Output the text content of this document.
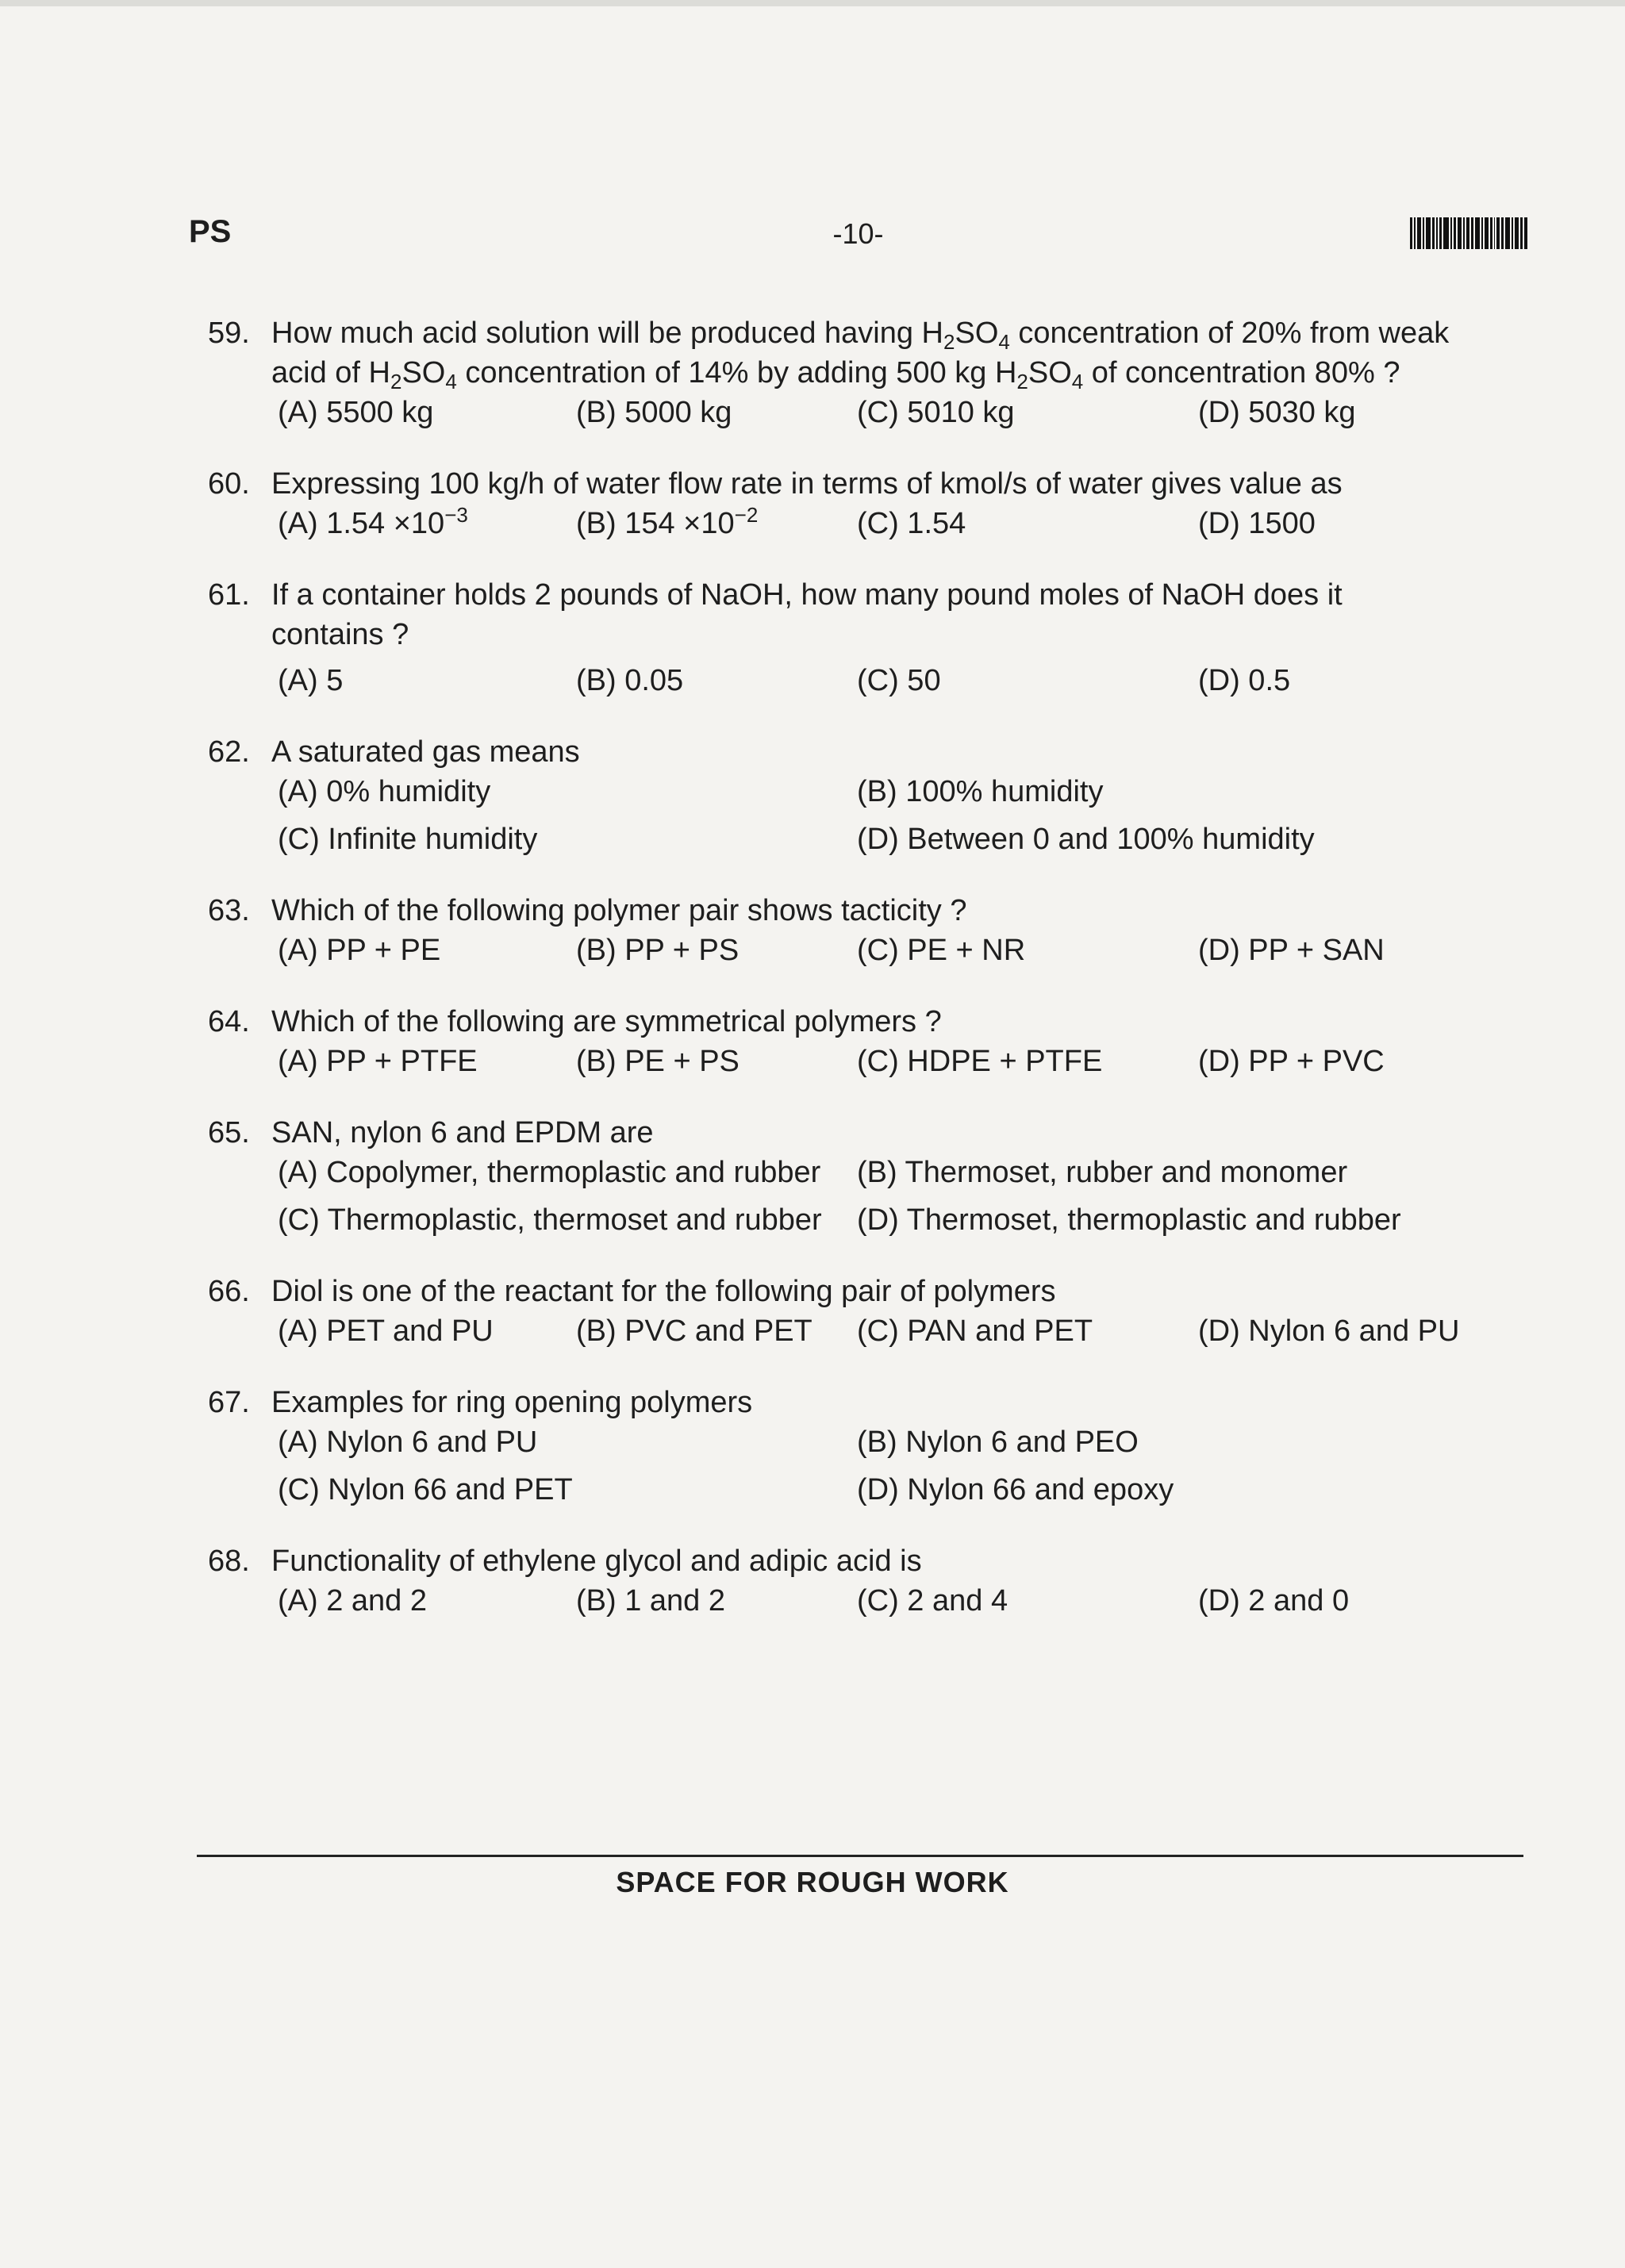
PS	-10-
59. How much acid solution will be produced having $H_2SO_4$ concentration of 20% from weak acid of $H_2SO_4$ concentration of 14% by adding 500 kg $H_2SO_4$ of concentration 80% ?
(A) 5500 kg	(B) 5000 kg	(C) 5010 kg	(D) 5030 kg
60. Expressing 100 kg/h of water flow rate in terms of kmol/s of water gives value as
(A) $1.54 \times 10^{-3}$	(B) $154 \times 10^{-2}$	(C) 1.54	(D) 1500
61. If a container holds 2 pounds of NaOH, how many pound moles of NaOH does it contains ?
(A) 5	(B) 0.05	(C) 50	(D) 0.5
62. A saturated gas means
(A) 0% humidity	(B) 100% humidity
(C) Infinite humidity	(D) Between 0 and 100% humidity
63. Which of the following polymer pair shows tacticity ?
(A) PP + PE	(B) PP + PS	(C) PE + NR	(D) PP + SAN
64. Which of the following are symmetrical polymers ?
(A) PP + PTFE	(B) PE + PS	(C) HDPE + PTFE	(D) PP + PVC
65. SAN, nylon 6 and EPDM are
(A) Copolymer, thermoplastic and rubber	(B) Thermoset, rubber and monomer
(C) Thermoplastic, thermoset and rubber	(D) Thermoset, thermoplastic and rubber
66. Diol is one of the reactant for the following pair of polymers
(A) PET and PU	(B) PVC and PET	(C) PAN and PET	(D) Nylon 6 and PU
67. Examples for ring opening polymers
(A) Nylon 6 and PU	(B) Nylon 6 and PEO
(C) Nylon 66 and PET	(D) Nylon 66 and epoxy
68. Functionality of ethylene glycol and adipic acid is
(A) 2 and 2	(B) 1 and 2	(C) 2 and 4	(D) 2 and 0
SPACE FOR ROUGH WORK
